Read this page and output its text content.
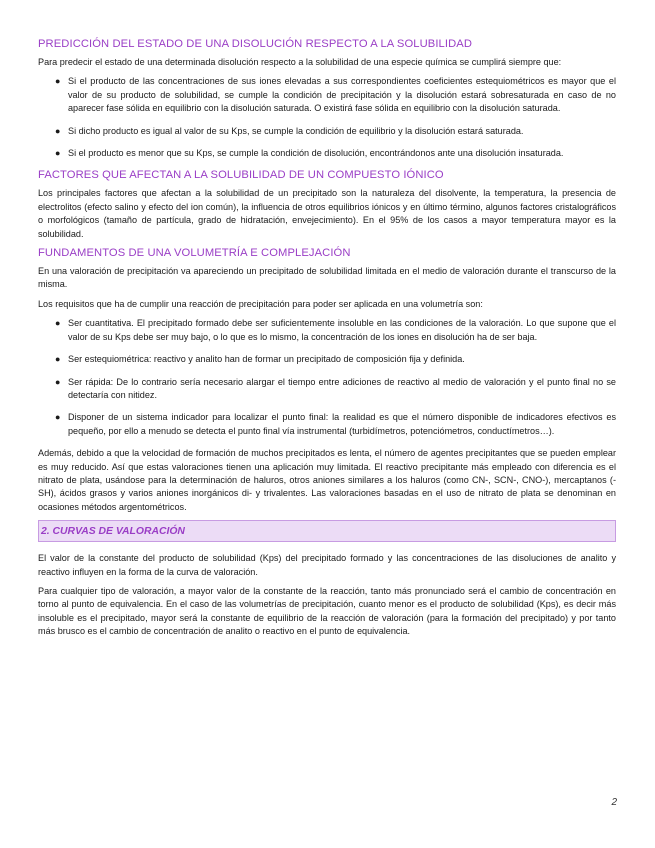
PREDICCIÓN DEL ESTADO DE UNA DISOLUCIÓN RESPECTO A LA SOLUBILIDAD

Para predecir el estado de una determinada disolución respecto a la solubilidad de una especie química se cumplirá siempre que:

● Si el producto de las concentraciones de sus iones elevadas a sus correspondientes coeficientes estequiométricos es mayor que el valor de su producto de solubilidad, se cumple la condición de precipitación y la disolución estará sobresaturada en caso de no aparecer fase sólida en equilibrio con la disolución saturada. O existirá fase sólida en equilibrio con la disolución saturada.
● Si dicho producto es igual al valor de su Kps, se cumple la condición de equilibrio y la disolución estará saturada.
● Si el producto es menor que su Kps, se cumple la condición de disolución, encontrándonos ante una disolución insaturada.
FACTORES QUE AFECTAN A LA SOLUBILIDAD DE UN COMPUESTO IÓNICO

Los principales factores que afectan a la solubilidad de un precipitado son la naturaleza del disolvente, la temperatura, la presencia de electrolitos (efecto salino y efecto del ion común), la influencia de otros equilibrios iónicos y en último término, algunos factores cristalográficos o morfológicos (tamaño de partícula, grado de hidratación, envejecimiento). En el 95% de los casos a mayor temperatura mayor es la solubilidad.

FUNDAMENTOS DE UNA VOLUMETRÍA E COMPLEJACIÓN

En una valoración de precipitación va apareciendo un precipitado de solubilidad limitada en el medio de valoración durante el transcurso de la misma.

Los requisitos que ha de cumplir una reacción de precipitación para poder ser aplicada en una volumetría son:

● Ser cuantitativa. El precipitado formado debe ser suficientemente insoluble en las condiciones de la valoración. Lo que supone que el valor de su Kps debe ser muy bajo, o lo que es lo mismo, la concentración de los iones en disolución ha de ser baja.
● Ser estequiométrica: reactivo y analito han de formar un precipitado de composición fija y definida.
● Ser rápida: De lo contrario sería necesario alargar el tiempo entre adiciones de reactivo al medio de valoración y el punto final no se detectaría con nitidez.
● Disponer de un sistema indicador para localizar el punto final: la realidad es que el número disponible de indicadores efectivos es pequeño, por ello a menudo se detecta el punto final vía instrumental (turbidímetros, potenciómetros, conductímetros…).

Además, debido a que la velocidad de formación de muchos precipitados es lenta, el número de agentes precipitantes que se pueden emplear es muy reducido. Así que estas valoraciones tienen una aplicación muy limitada. El reactivo precipitante más empleado con diferencia es el nitrato de plata, usándose para la determinación de haluros, otros aniones similares a los haluros (como CN-, SCN-, CNO-), mercaptanos (-SH), ácidos grasos y varios aniones inorgánicos di- y trivalentes. Las valoraciones basadas en el uso de nitrato de plata se denominan en ocasiones métodos argentométricos.

2. CURVAS DE VALORACIÓN

El valor de la constante del producto de solubilidad (Kps) del precipitado formado y las concentraciones de las disoluciones de analito y reactivo influyen en la forma de la curva de valoración.

Para cualquier tipo de valoración, a mayor valor de la constante de la reacción, tanto más pronunciado será el cambio de concentración en torno al punto de equivalencia. En el caso de las volumetrías de precipitación, cuanto menor es el producto de solubilidad (Kps), es decir más insoluble es el precipitado, mayor será la constante de equilibrio de la reacción de valoración (para la formación del precipitado) y por tanto más brusco es el cambio de concentración de analito o reactivo en el punto de equivalencia.

2
